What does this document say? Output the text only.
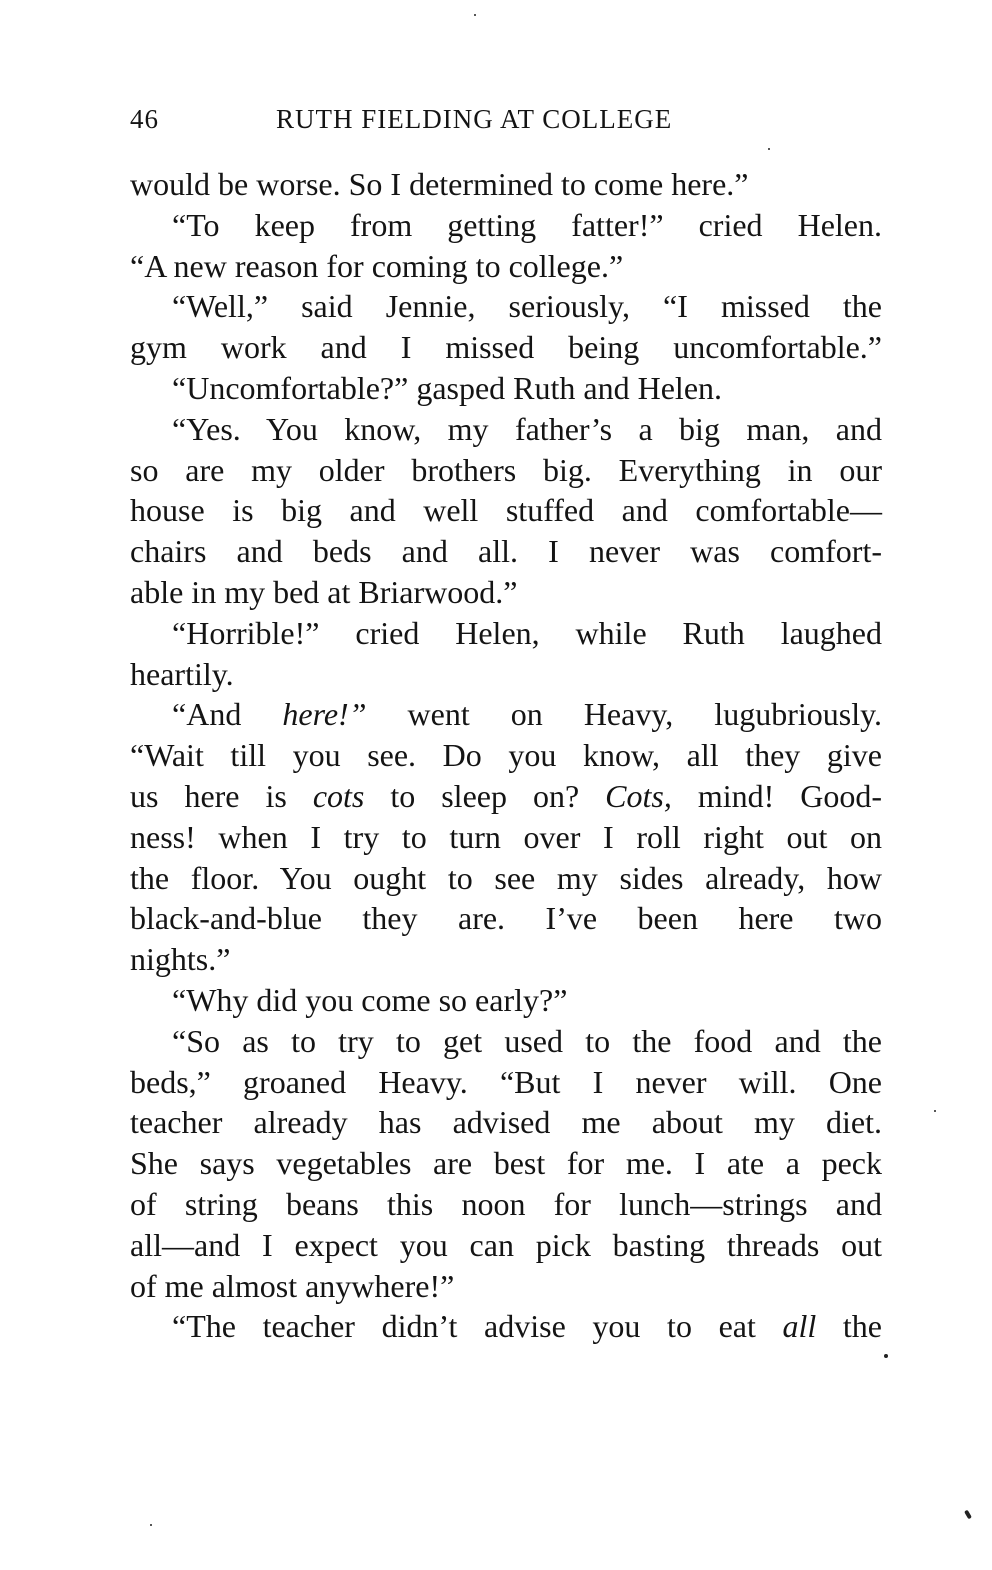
46	RUTH FIELDING AT COLLEGE
would be worse. So I determined to come here.”
“To keep from getting fatter!” cried Helen.
“A new reason for coming to college.”
“Well,” said Jennie, seriously, “I missed the
gym work and I missed being uncomfortable.”
“Uncomfortable?” gasped Ruth and Helen.
“Yes. You know, my father’s a big man, and
so are my older brothers big. Everything in our
house is big and well stuffed and comfortable—
chairs and beds and all. I never was comfort-
able in my bed at Briarwood.”
“Horrible!” cried Helen, while Ruth laughed
heartily.
“And here!” went on Heavy, lugubriously.
“Wait till you see. Do you know, all they give
us here is cots to sleep on? Cots, mind! Good-
ness! when I try to turn over I roll right out on
the floor. You ought to see my sides already, how
black-and-blue they are. I’ve been here two
nights.”
“Why did you come so early?”
“So as to try to get used to the food and the
beds,” groaned Heavy. “But I never will. One
teacher already has advised me about my diet.
She says vegetables are best for me. I ate a peck
of string beans this noon for lunch—strings and
all—and I expect you can pick basting threads out
of me almost anywhere!”
“The teacher didn’t advise you to eat all the
